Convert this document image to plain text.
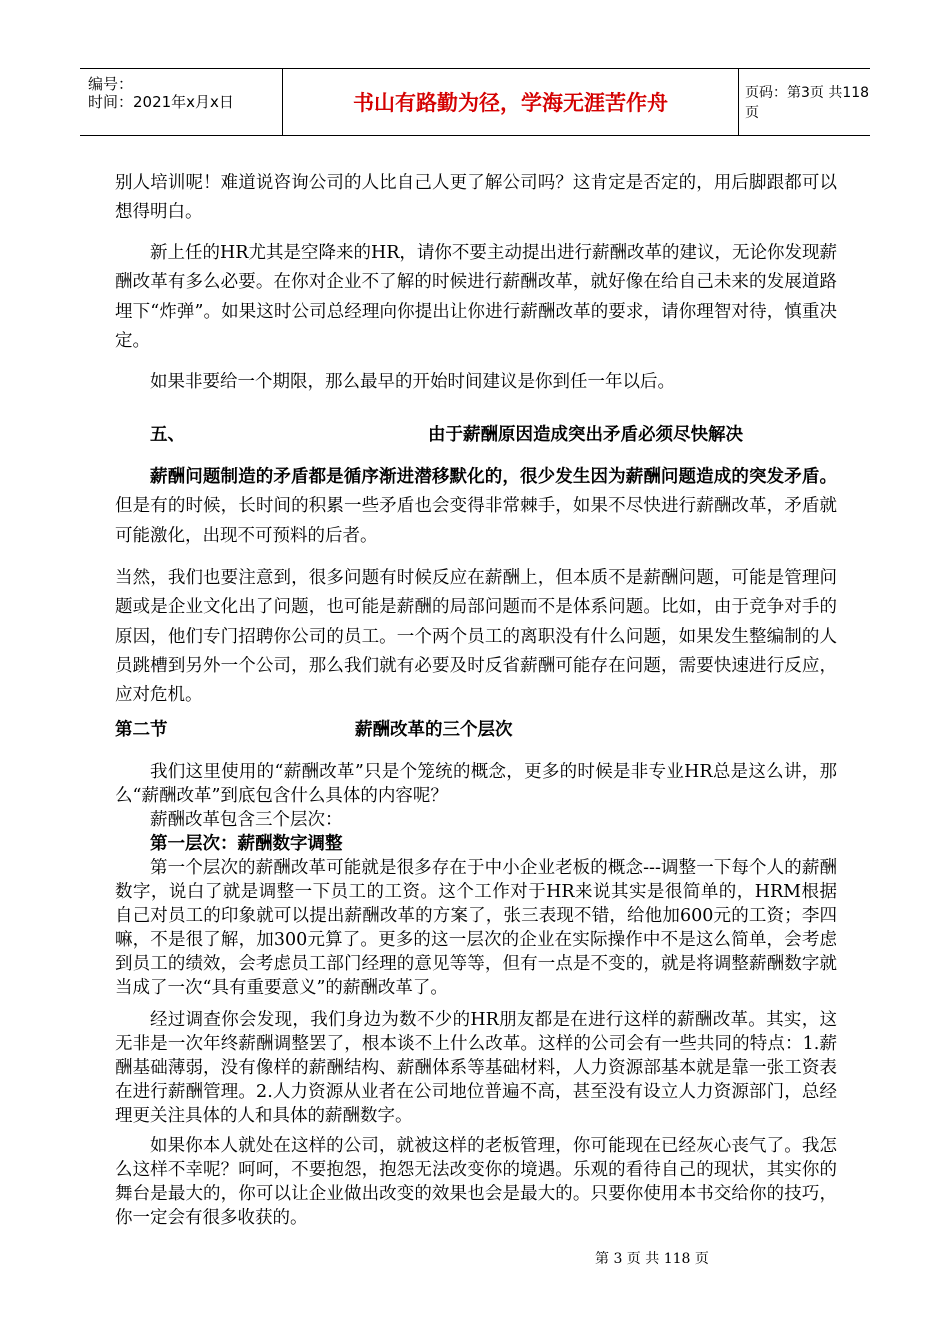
编号：
时间：2021年x月x日	书山有路勤为径，学海无涯苦作舟	页码：第3页 共118页

别人培训呢！难道说咨询公司的人比自己人更了解公司吗？这肯定是否定的，用后脚跟都可以想得明白。

新上任的HR尤其是空降来的HR，请你不要主动提出进行薪酬改革的建议，无论你发现薪酬改革有多么必要。在你对企业不了解的时候进行薪酬改革，就好像在给自己未来的发展道路埋下“炸弹”。如果这时公司总经理向你提出让你进行薪酬改革的要求，请你理智对待，慎重决定。

如果非要给一个期限，那么最早的开始时间建议是你到任一年以后。

五、	由于薪酬原因造成突出矛盾必须尽快解决

薪酬问题制造的矛盾都是循序渐进潜移默化的，很少发生因为薪酬问题造成的突发矛盾。但是有的时候，长时间的积累一些矛盾也会变得非常棘手，如果不尽快进行薪酬改革，矛盾就可能激化，出现不可预料的后者。

当然，我们也要注意到，很多问题有时候反应在薪酬上，但本质不是薪酬问题，可能是管理问题或是企业文化出了问题，也可能是薪酬的局部问题而不是体系问题。比如，由于竞争对手的原因，他们专门招聘你公司的员工。一个两个员工的离职没有什么问题，如果发生整编制的人员跳槽到另外一个公司，那么我们就有必要及时反省薪酬可能存在问题，需要快速进行反应，应对危机。

第二节	薪酬改革的三个层次

我们这里使用的“薪酬改革”只是个笼统的概念，更多的时候是非专业HR总是这么讲，那么“薪酬改革”到底包含什么具体的内容呢？

薪酬改革包含三个层次：

第一层次：薪酬数字调整

第一个层次的薪酬改革可能就是很多存在于中小企业老板的概念---调整一下每个人的薪酬数字，说白了就是调整一下员工的工资。这个工作对于HR来说其实是很简单的，HRM根据自己对员工的印象就可以提出薪酬改革的方案了，张三表现不错，给他加600元的工资；李四嘛，不是很了解，加300元算了。更多的这一层次的企业在实际操作中不是这么简单，会考虑到员工的绩效，会考虑员工部门经理的意见等等，但有一点是不变的，就是将调整薪酬数字就当成了一次“具有重要意义”的薪酬改革了。

经过调查你会发现，我们身边为数不少的HR朋友都是在进行这样的薪酬改革。其实，这无非是一次年终薪酬调整罢了，根本谈不上什么改革。这样的公司会有一些共同的特点：1.薪酬基础薄弱，没有像样的薪酬结构、薪酬体系等基础材料，人力资源部基本就是靠一张工资表在进行薪酬管理。2.人力资源从业者在公司地位普遍不高，甚至没有设立人力资源部门，总经理更关注具体的人和具体的薪酬数字。

如果你本人就处在这样的公司，就被这样的老板管理，你可能现在已经灰心丧气了。我怎么这样不幸呢？呵呵，不要抱怨，抱怨无法改变你的境遇。乐观的看待自己的现状，其实你的舞台是最大的，你可以让企业做出改变的效果也会是最大的。只要你使用本书交给你的技巧，你一定会有很多收获的。

第 3 页 共 118 页
